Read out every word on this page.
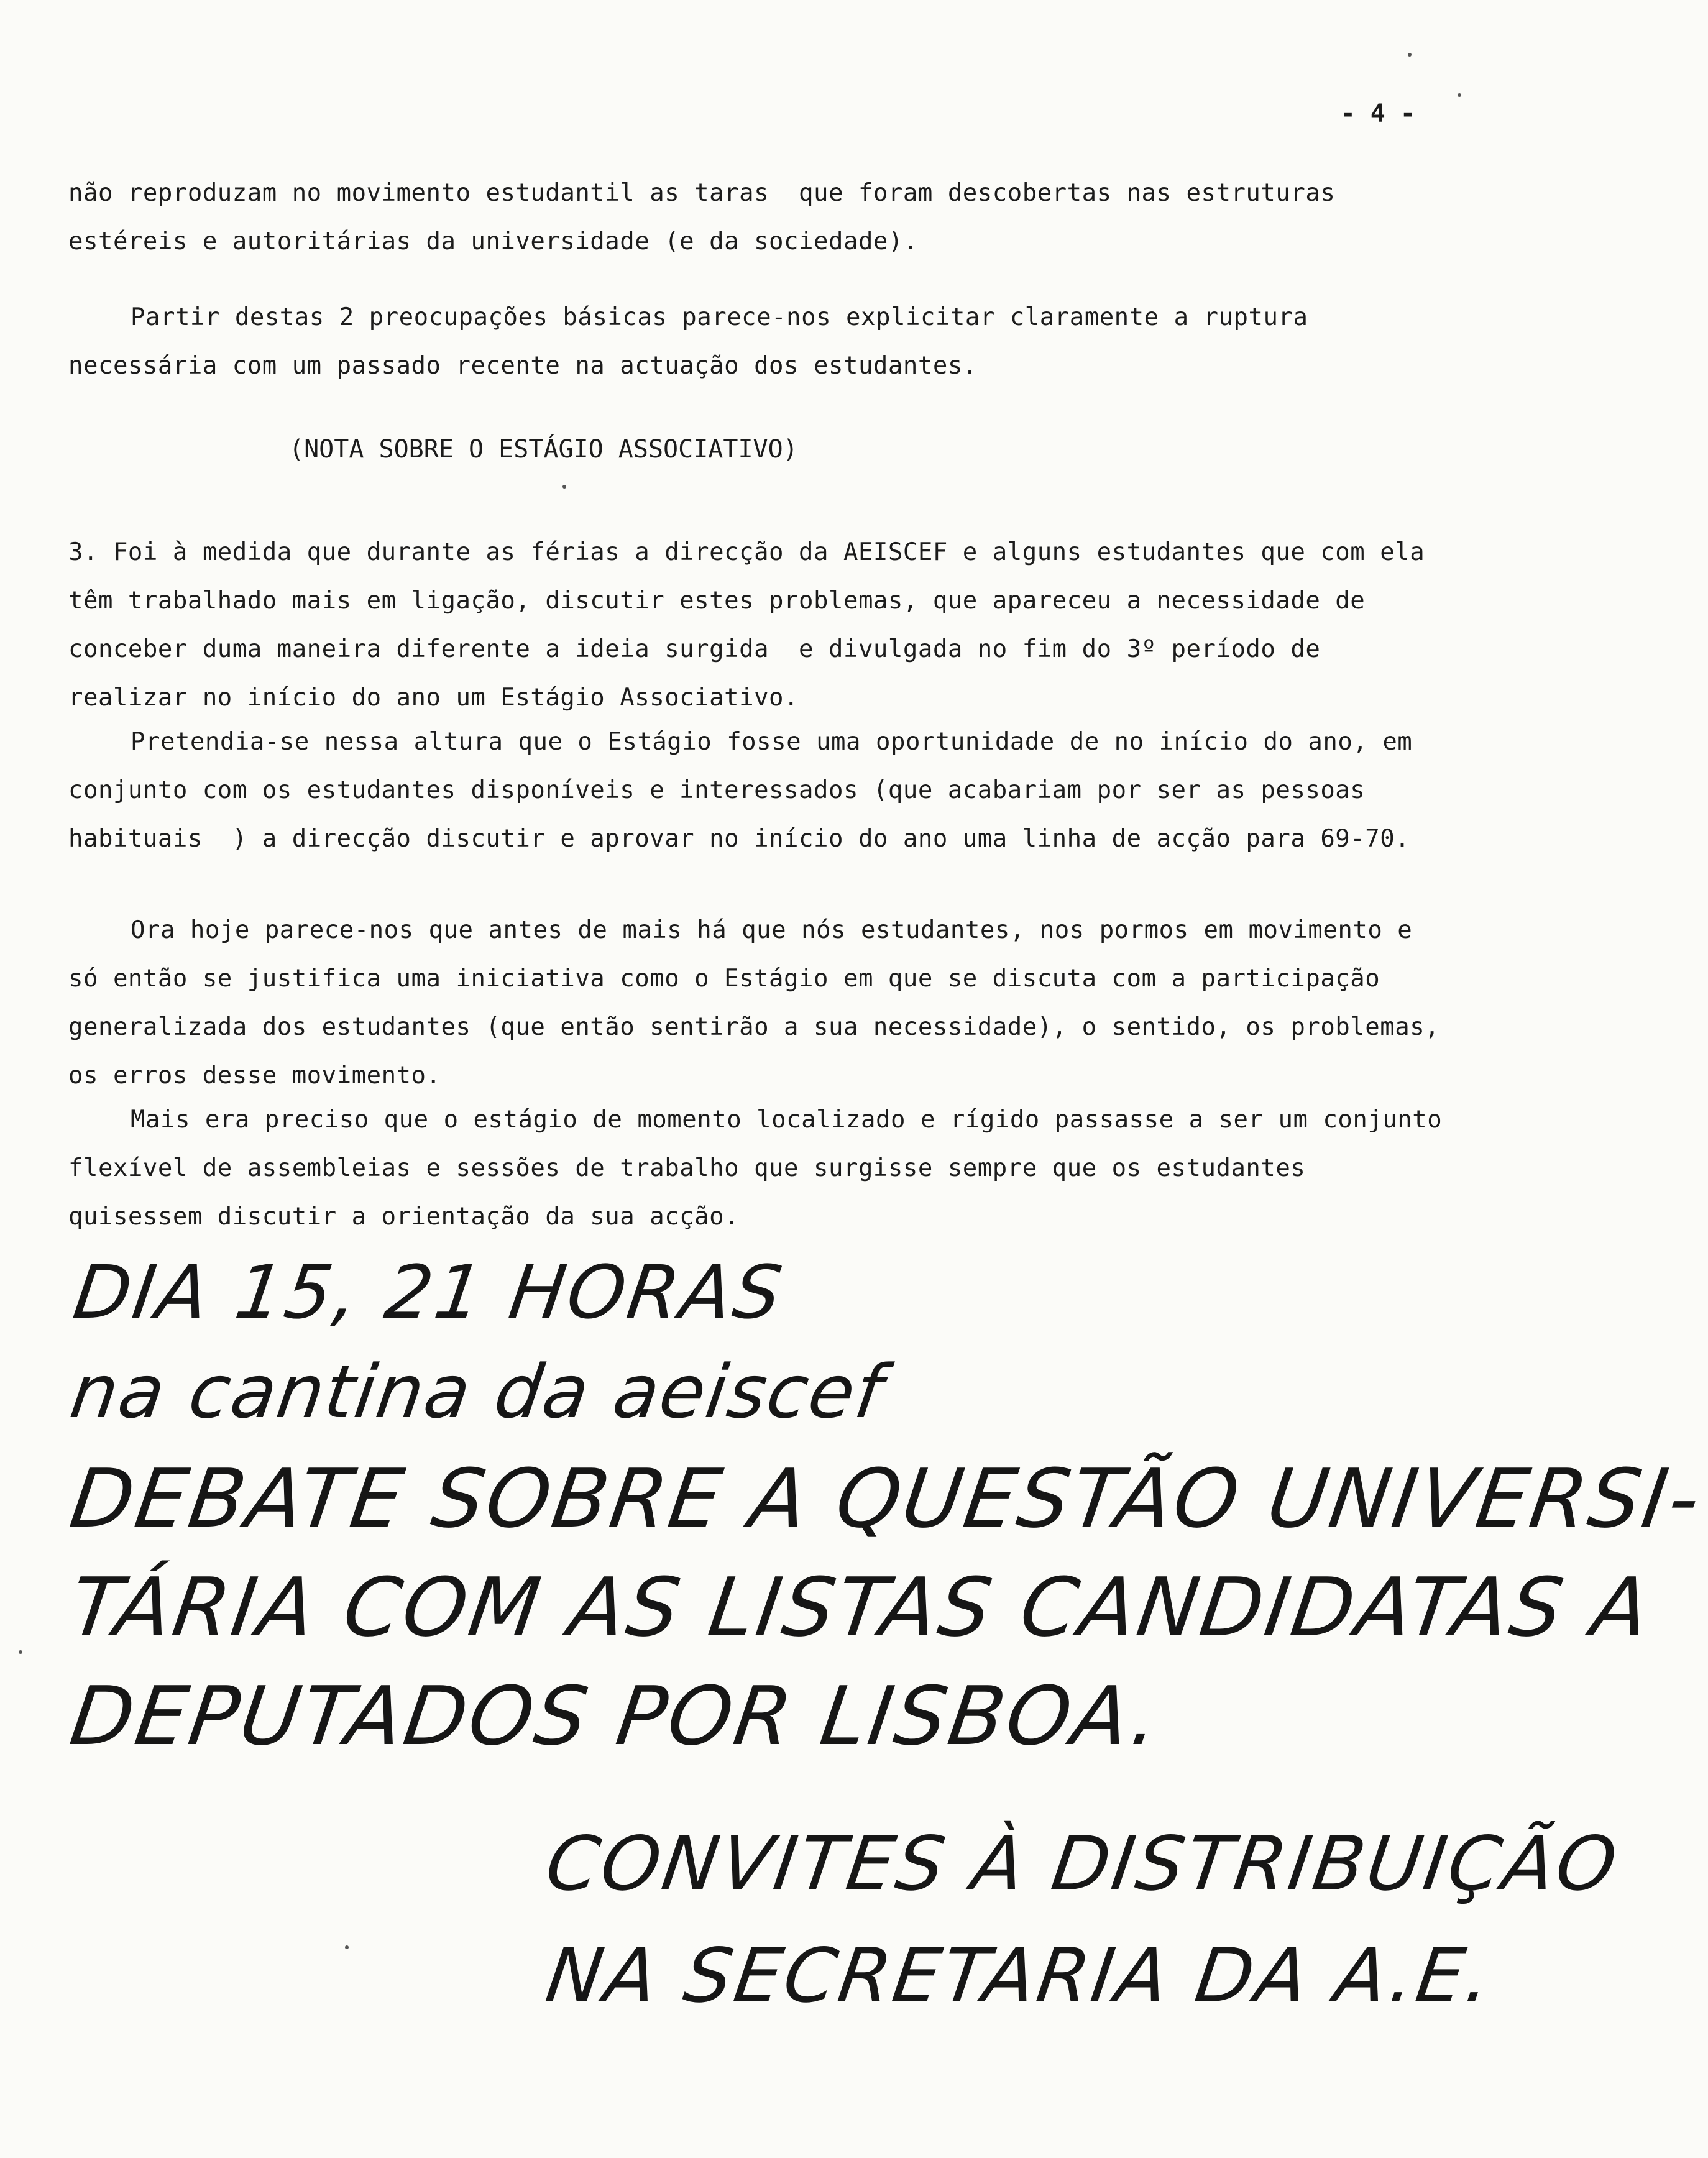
- 4 -
não reproduzam no movimento estudantil as taras  que foram descobertas nas estruturas estéreis e autoritárias da universidade (e da sociedade).
Partir destas 2 preocupações básicas parece-nos explicitar claramente a ruptura necessária com um passado recente na actuação dos estudantes.
(NOTA SOBRE O ESTÁGIO ASSOCIATIVO)
3. Foi à medida que durante as férias a direcção da AEISCEF e alguns estudantes que com ela têm trabalhado mais em ligação, discutir estes problemas, que apareceu a necessidade de conceber duma maneira diferente a ideia surgida  e divulgada no fim do 3º período de realizar no início do ano um Estágio Associativo.
Pretendia-se nessa altura que o Estágio fosse uma oportunidade de no início do ano, em conjunto com os estudantes disponíveis e interessados (que acabariam por ser as pessoas habituais  ) a direcção discutir e aprovar no início do ano uma linha de acção para 69-70.
Ora hoje parece-nos que antes de mais há que nós estudantes, nos pormos em movimento e só então se justifica uma iniciativa como o Estágio em que se discuta com a participação generalizada dos estudantes (que então sentirão a sua necessidade), o sentido, os problemas, os erros desse movimento.
Mais era preciso que o estágio de momento localizado e rígido passasse a ser um conjunto flexível de assembleias e sessões de trabalho que surgisse sempre que os estudantes quisessem discutir a orientação da sua acção.
DIA 15, 21 HORAS
na cantina da aeiscef
DEBATE SOBRE A QUESTÃO UNIVERSI-
TÁRIA COM AS LISTAS CANDIDATAS A
DEPUTADOS POR LISBOA.
CONVITES À DISTRIBUIÇÃO
NA SECRETARIA DA A.E.
